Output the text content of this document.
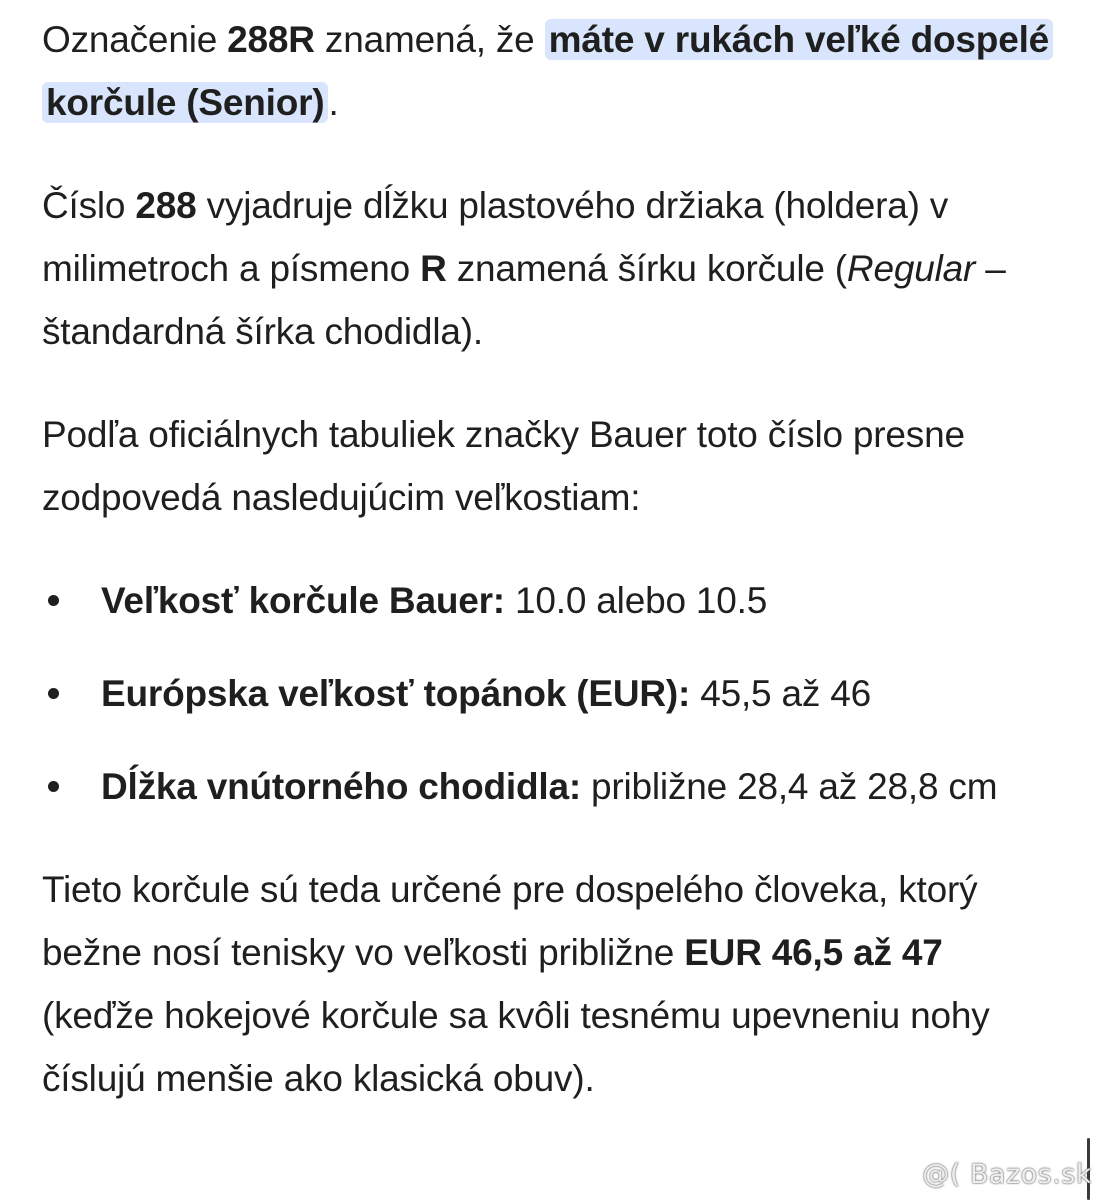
Označenie 288R znamená, že máte v rukách veľké dospelé korčule (Senior) .

Číslo 288 vyjadruje dĺžku plastového držiaka (holdera) v milimetroch a písmeno R znamená šírku korčule (Regular – štandardná šírka chodidla).

Podľa oficiálnych tabuliek značky Bauer toto číslo presne zodpovedá nasledujúcim veľkostiam:

Veľkosť korčule Bauer: 10.0 alebo 10.5
Európska veľkosť topánok (EUR): 45,5 až 46
Dĺžka vnútorného chodidla: približne 28,4 až 28,8 cm

Tieto korčule sú teda určené pre dospelého človeka, ktorý bežne nosí tenisky vo veľkosti približne EUR 46,5 až 47 (keďže hokejové korčule sa kvôli tesnému upevneniu nohy číslujú menšie ako klasická obuv).

@( Bazos.sk
